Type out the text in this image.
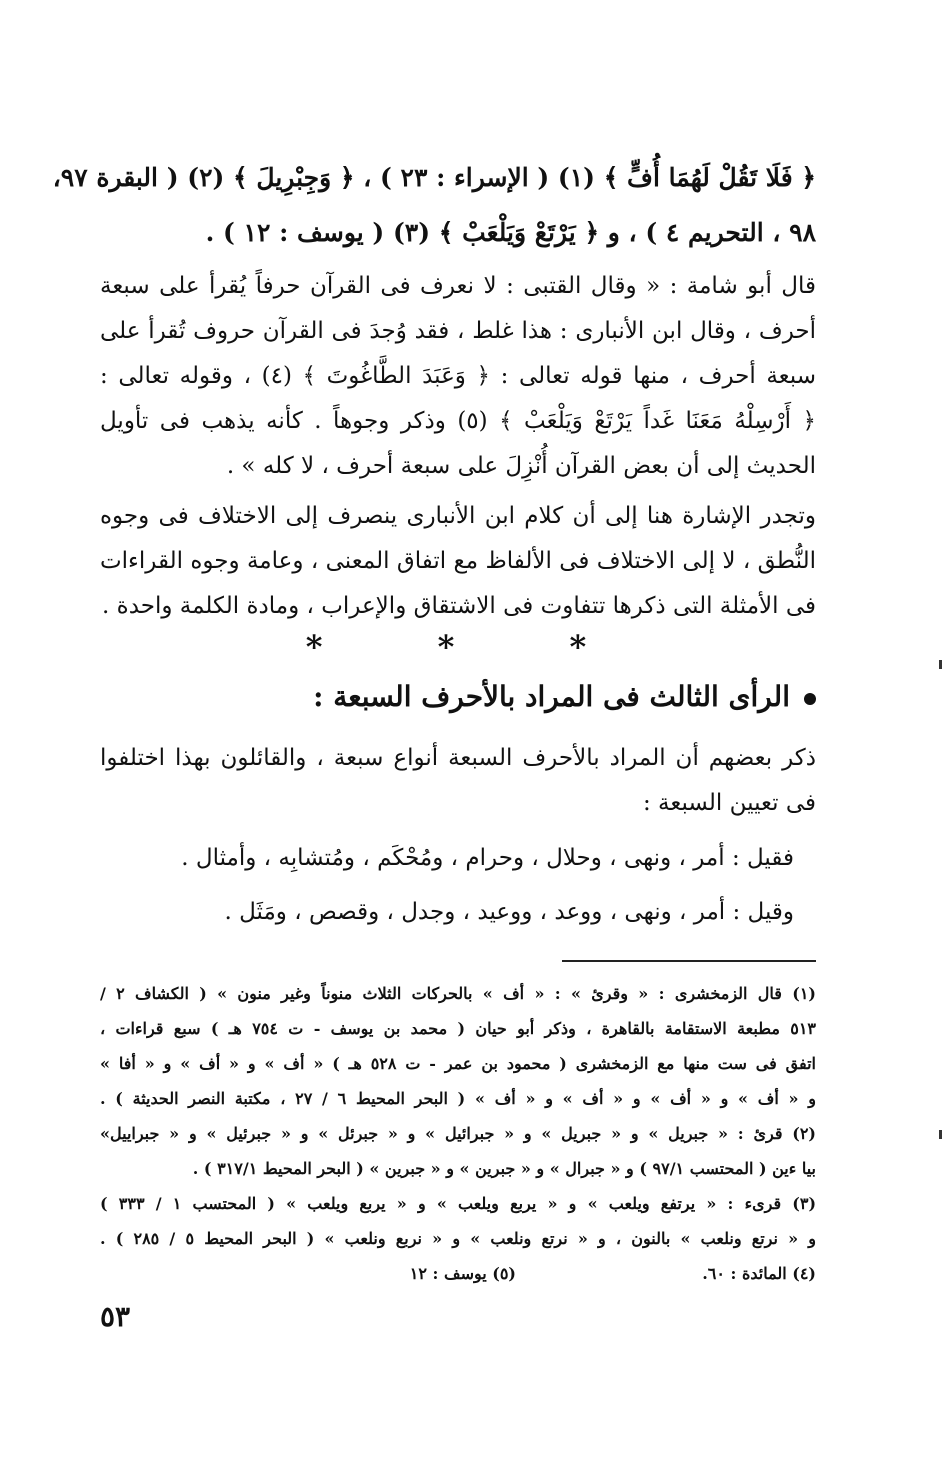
﴿ فَلَا تَقُلْ لَهُمَا أُفٍّ ﴾ (١) ( الإسراء : ٢٣ ) ، ﴿ وَجِبْرِيلَ ﴾ (٢) ( البقرة ٩٧،
٩٨ ، التحريم ٤ ) ، و ﴿ يَرْتَعْ وَيَلْعَبْ ﴾ (٣) ( يوسف : ١٢ ) .
قال أبو شامة : « وقال القتبى : لا نعرف فى القرآن حرفاً يُقرأ على سبعة
أحرف ، وقال ابن الأنبارى : هذا غلط ، فقد وُجدَ فى القرآن حروف تُقرأ على
سبعة أحرف ، منها قوله تعالى : ﴿ وَعَبَدَ الطَّاغُوتَ ﴾ (٤) ، وقوله تعالى :
﴿ أَرْسِلْهُ مَعَنَا غَداً يَرْتَعْ وَيَلْعَبْ ﴾ (٥) وذكر وجوهاً . كأنه يذهب فى تأويل
الحديث إلى أن بعض القرآن أُنْزِلَ على سبعة أحرف ، لا كله » .
وتجدر الإشارة هنا إلى أن كلام ابن الأنبارى ينصرف إلى الاختلاف فى وجوه
النُّطق ، لا إلى الاختلاف فى الألفاظ مع اتفاق المعنى ، وعامة وجوه القراءات
فى الأمثلة التى ذكرها تتفاوت فى الاشتقاق والإعراب ، ومادة الكلمة واحدة .
* * *
الرأى الثالث فى المراد بالأحرف السبعة :
ذكر بعضهم أن المراد بالأحرف السبعة أنواع سبعة ، والقائلون بهذا اختلفوا
فى تعيين السبعة :
فقيل : أمر ، ونهى ، وحلال ، وحرام ، ومُحْكَم ، ومُتشابِه ، وأمثال .
وقيل : أمر ، ونهى ، ووعد ، ووعيد ، وجدل ، وقصص ، ومَثَل .
(١) قال الزمخشرى : « وقرئ » : « أف » بالحركات الثلاث منوناً وغير منون » ( الكشاف ٢ /
٥١٣ مطبعة الاستقامة بالقاهرة ، وذكر أبو حيان ( محمد بن يوسف - ت ٧٥٤ هـ ) سبع قراءات ،
اتفق فى ست منها مع الزمخشرى ( محمود بن عمر - ت ٥٢٨ هـ ) « أف » و « أف » و « أفا »
و « أف » و « أف » و « أف » و « أف » ( البحر المحيط ٦ / ٢٧ ، مكتبة النصر الحديثة ) .
(٢) قرئ : « جبريل » و « جبريل » و « جبرائيل » و « جبرئل » و « جبرئيل » و « جبراييل»
بيا ءين ( المحتسب ٩٧/١ ) و « جبرال » و « جبرين » و « جبرين » ( البحر المحيط ٣١٧/١ ) .
(٣) قرىء : « يرتفع ويلعب » و « يربع ويلعب » و « يربع ويلعب » ( المحتسب ١ / ٣٣٣ )
و « نرتع ونلعب » بالنون ، و « نرتع ونلعب » و « نربع ونلعب » ( البحر المحيط ٥ / ٢٨٥ ) .
(٤) المائدة : ٦٠.
(٥) يوسف : ١٢
٥٣
